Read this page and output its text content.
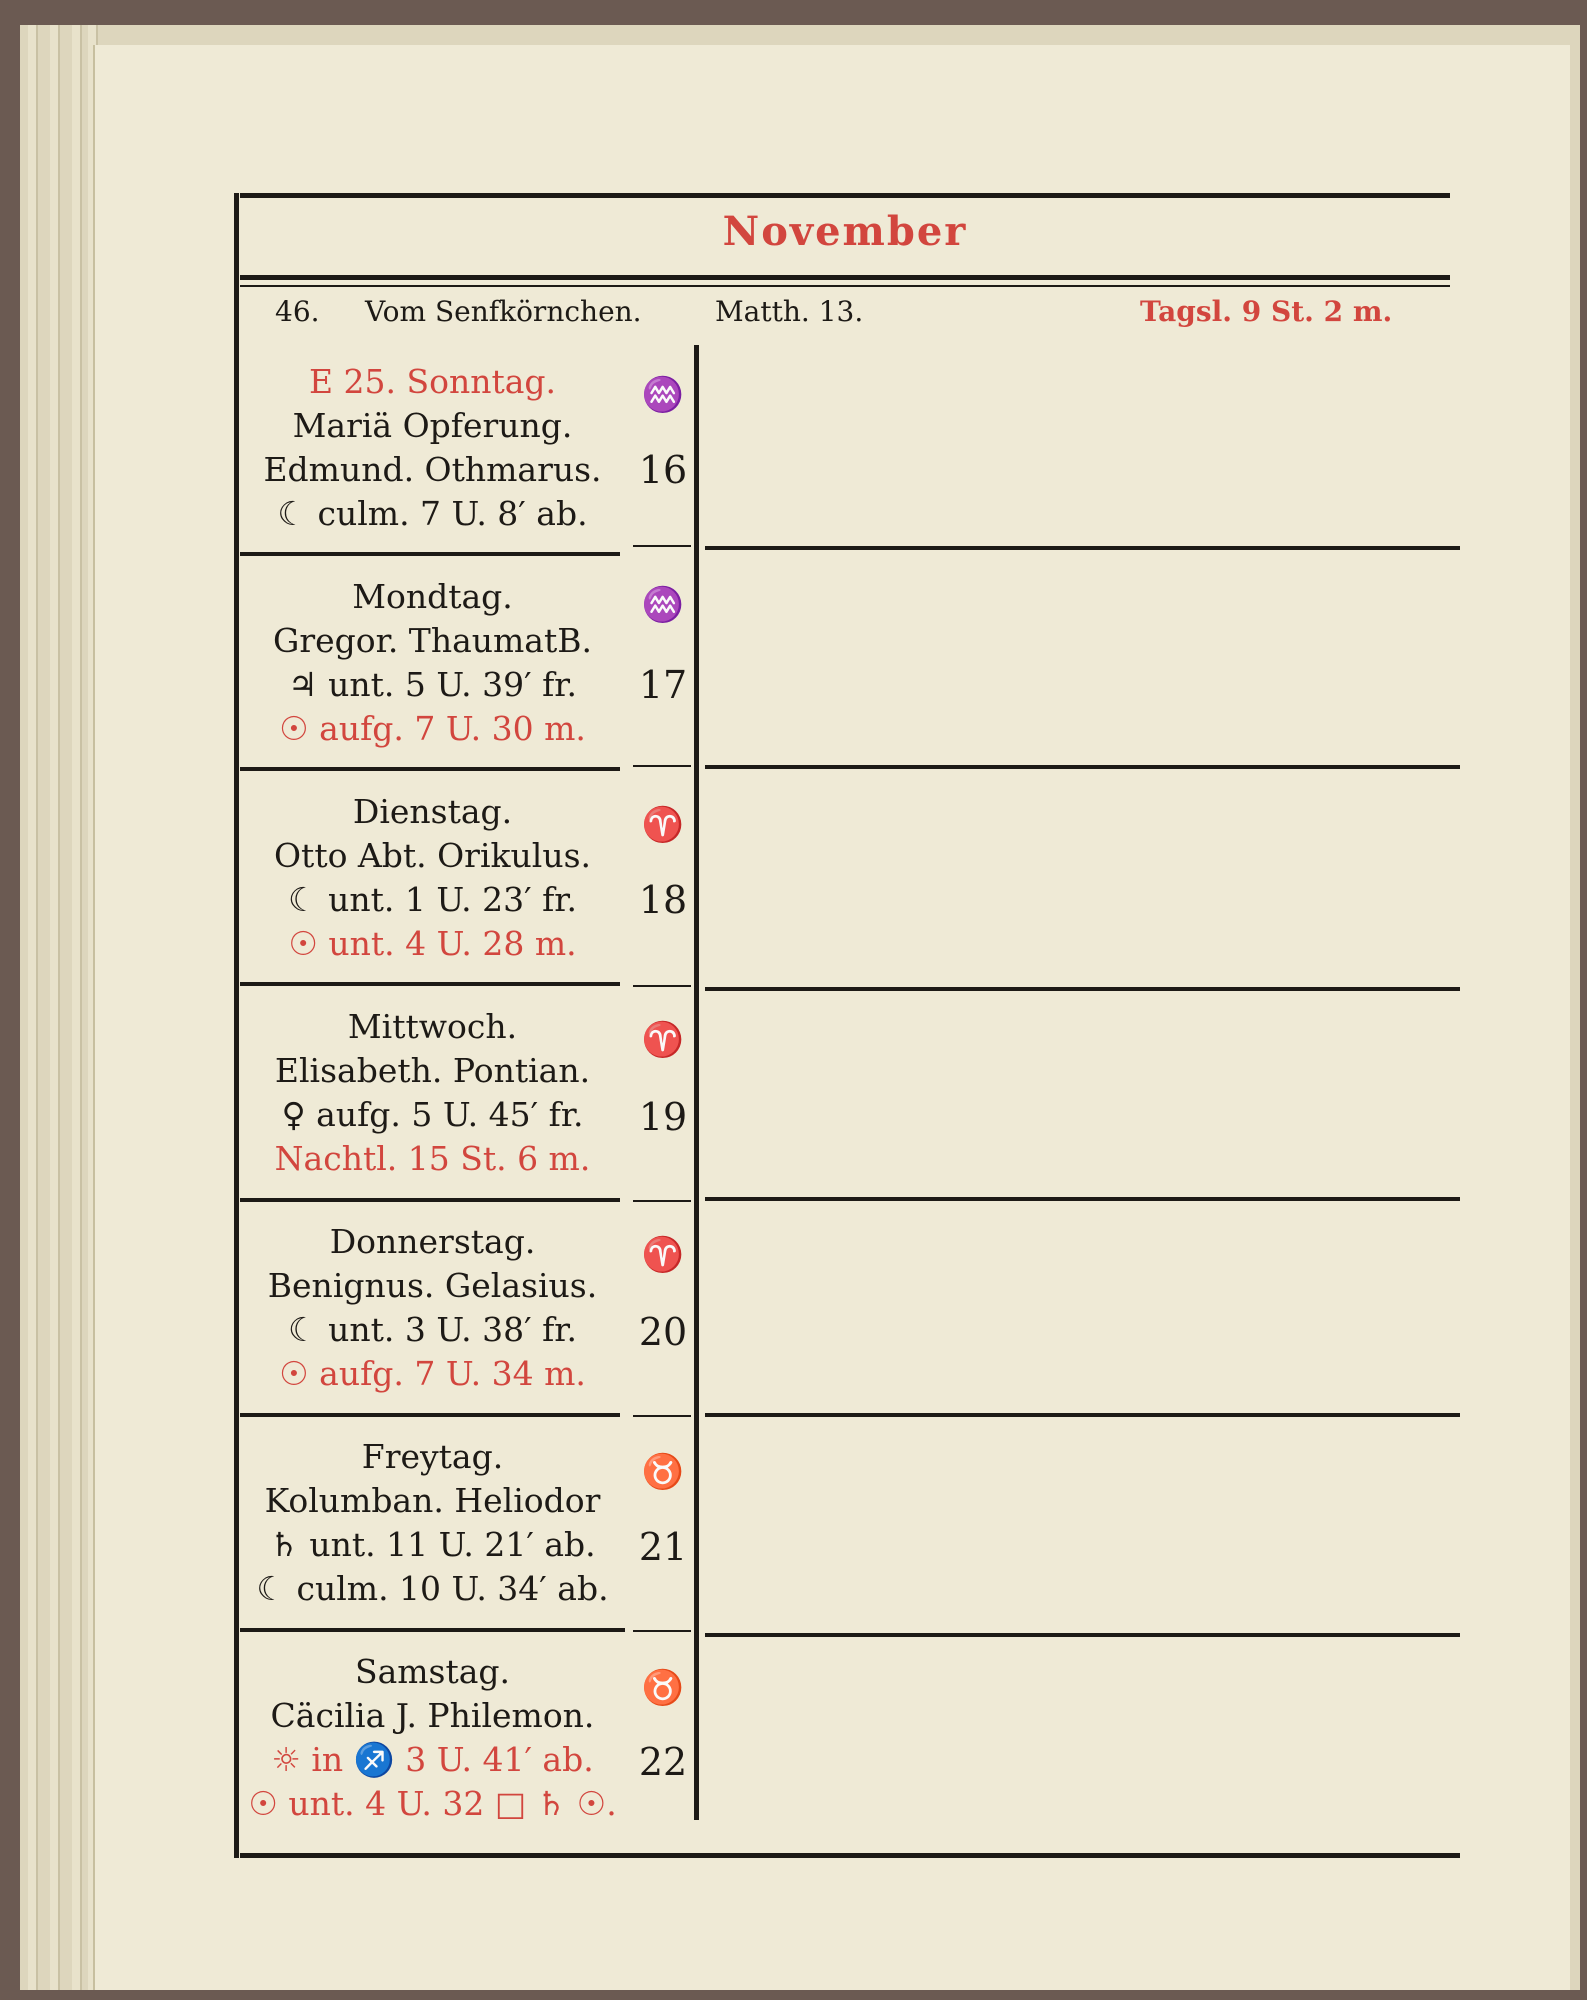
November
46. Vom Senfkörnchen.	Matth. 13.	Tagsl. 9 St. 2 m.
E 25. Sonntag.
Mariä Opferung.
Edmund. Othmarus.
☾ culm. 7 U. 8′ ab.
♒
16
Mondtag.
Gregor. ThaumatB.
♃ unt. 5 U. 39′ fr.
☉ aufg. 7 U. 30 m.
♒
17
Dienstag.
Otto Abt. Orikulus.
☾ unt. 1 U. 23′ fr.
☉ unt. 4 U. 28 m.
♈
18
Mittwoch.
Elisabeth. Pontian.
♀ aufg. 5 U. 45′ fr.
Nachtl. 15 St. 6 m.
♈
19
Donnerstag.
Benignus. Gelasius.
☾ unt. 3 U. 38′ fr.
☉ aufg. 7 U. 34 m.
♈
20
Freytag.
Kolumban. Heliodor
♄ unt. 11 U. 21′ ab.
☾ culm. 10 U. 34′ ab.
♉
21
Samstag.
Cäcilia J. Philemon.
☼ in ♐ 3 U. 41′ ab.
☉ unt. 4 U. 32 □ ♄ ☉.
♉
22
